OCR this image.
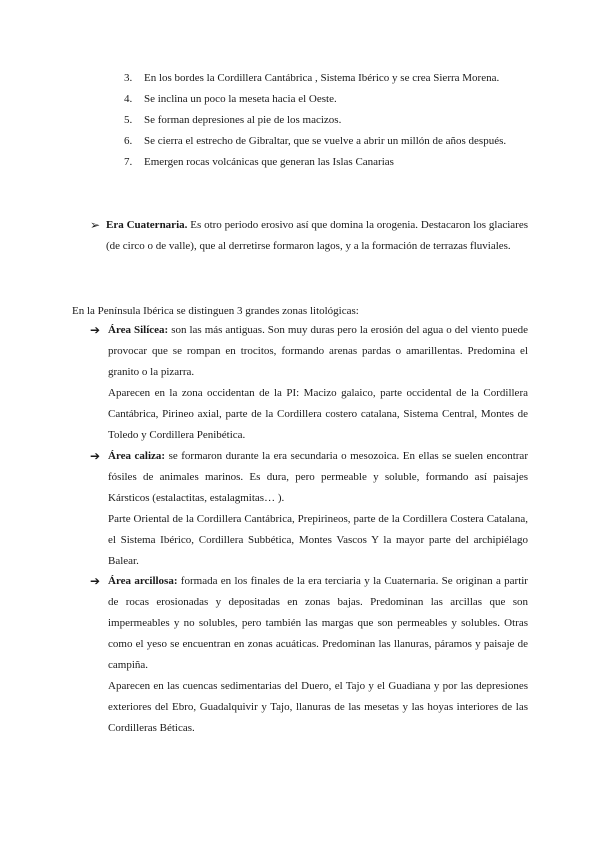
3. En los bordes la Cordillera Cantábrica , Sistema Ibérico y se crea Sierra Morena.

4. Se inclina un poco la meseta hacia el Oeste.

5. Se forman depresiones al pie de los macizos.

6. Se cierra el estrecho de Gibraltar, que se vuelve a abrir un millón de años después.

7. Emergen rocas volcánicas que generan las Islas Canarias

➢ Era Cuaternaria. Es otro periodo erosivo así que domina la orogenia. Destacaron los glaciares (de circo o de valle), que al derretirse formaron lagos, y a la formación de terrazas fluviales.

En la Península Ibérica se distinguen 3 grandes zonas litológicas:

➔ Área Silícea: son las más antiguas. Son muy duras pero la erosión del agua o del viento puede provocar que se rompan en trocitos, formando arenas pardas o amarillentas. Predomina el granito o la pizarra.

Aparecen en la zona occidentan de la PI: Macizo galaico, parte occidental de la Cordillera Cantábrica, Pirineo axial, parte de la Cordillera costero catalana, Sistema Central, Montes de Toledo y Cordillera Penibética.

➔ Área caliza: se formaron durante la era secundaria o mesozoica. En ellas se suelen encontrar fósiles de animales marinos. Es dura, pero permeable y soluble, formando así paisajes Kársticos (estalactitas, estalagmitas… ).

Parte Oriental de la Cordillera Cantábrica, Prepirineos, parte de la Cordillera Costera Catalana, el Sistema Ibérico, Cordillera Subbética, Montes Vascos Y la mayor parte del archipiélago Balear.

➔ Área arcillosa: formada en los finales de la era terciaria y la Cuaternaria. Se originan a partir de rocas erosionadas y depositadas en zonas bajas. Predominan las arcillas que son impermeables y no solubles, pero también las margas que son permeables y solubles. Otras como el yeso se encuentran en zonas acuáticas. Predominan las llanuras, páramos y paisaje de campiña.

Aparecen en las cuencas sedimentarias del Duero, el Tajo y el Guadiana y por las depresiones exteriores del Ebro, Guadalquivir y Tajo, llanuras de las mesetas y las hoyas interiores de las Cordilleras Béticas.
